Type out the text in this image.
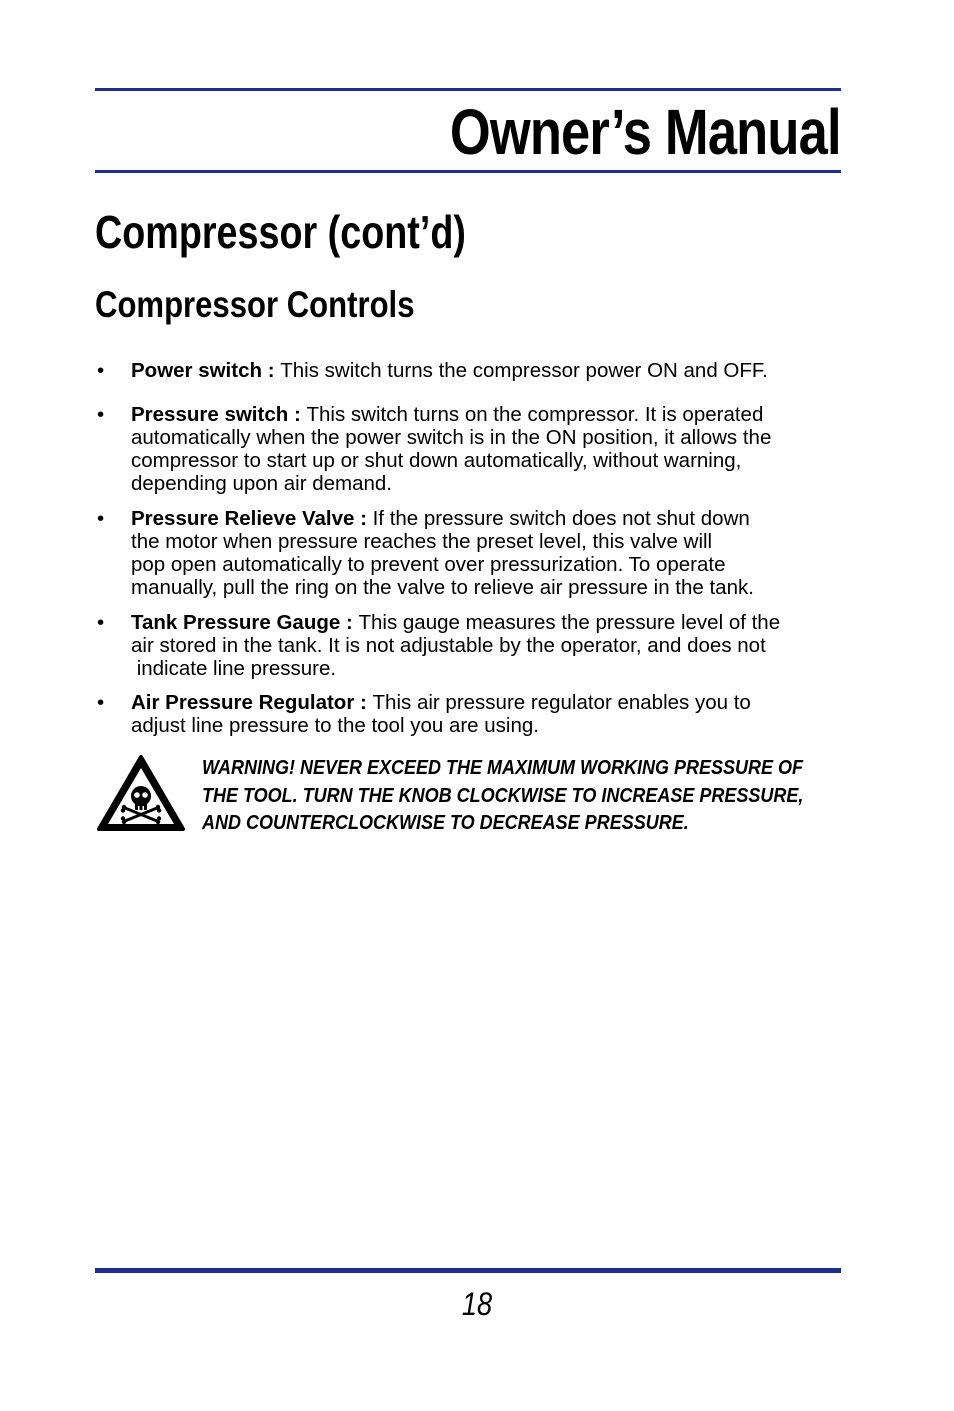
Owner’s Manual
Compressor (cont’d)
Compressor Controls
• Power switch : This switch turns the compressor power ON and OFF.
• Pressure switch : This switch turns on the compressor. It is operated
automatically when the power switch is in the ON position, it allows the
compressor to start up or shut down automatically, without warning,
depending upon air demand.
• Pressure Relieve Valve : If the pressure switch does not shut down
the motor when pressure reaches the preset level, this valve will
pop open automatically to prevent over pressurization. To operate
manually, pull the ring on the valve to relieve air pressure in the tank.
• Tank Pressure Gauge : This gauge measures the pressure level of the
air stored in the tank. It is not adjustable by the operator, and does not
indicate line pressure.
• Air Pressure Regulator : This air pressure regulator enables you to
adjust line pressure to the tool you are using.
WARNING! NEVER EXCEED THE MAXIMUM WORKING PRESSURE OF
THE TOOL. TURN THE KNOB CLOCKWISE TO INCREASE PRESSURE,
AND COUNTERCLOCKWISE TO DECREASE PRESSURE.
18
